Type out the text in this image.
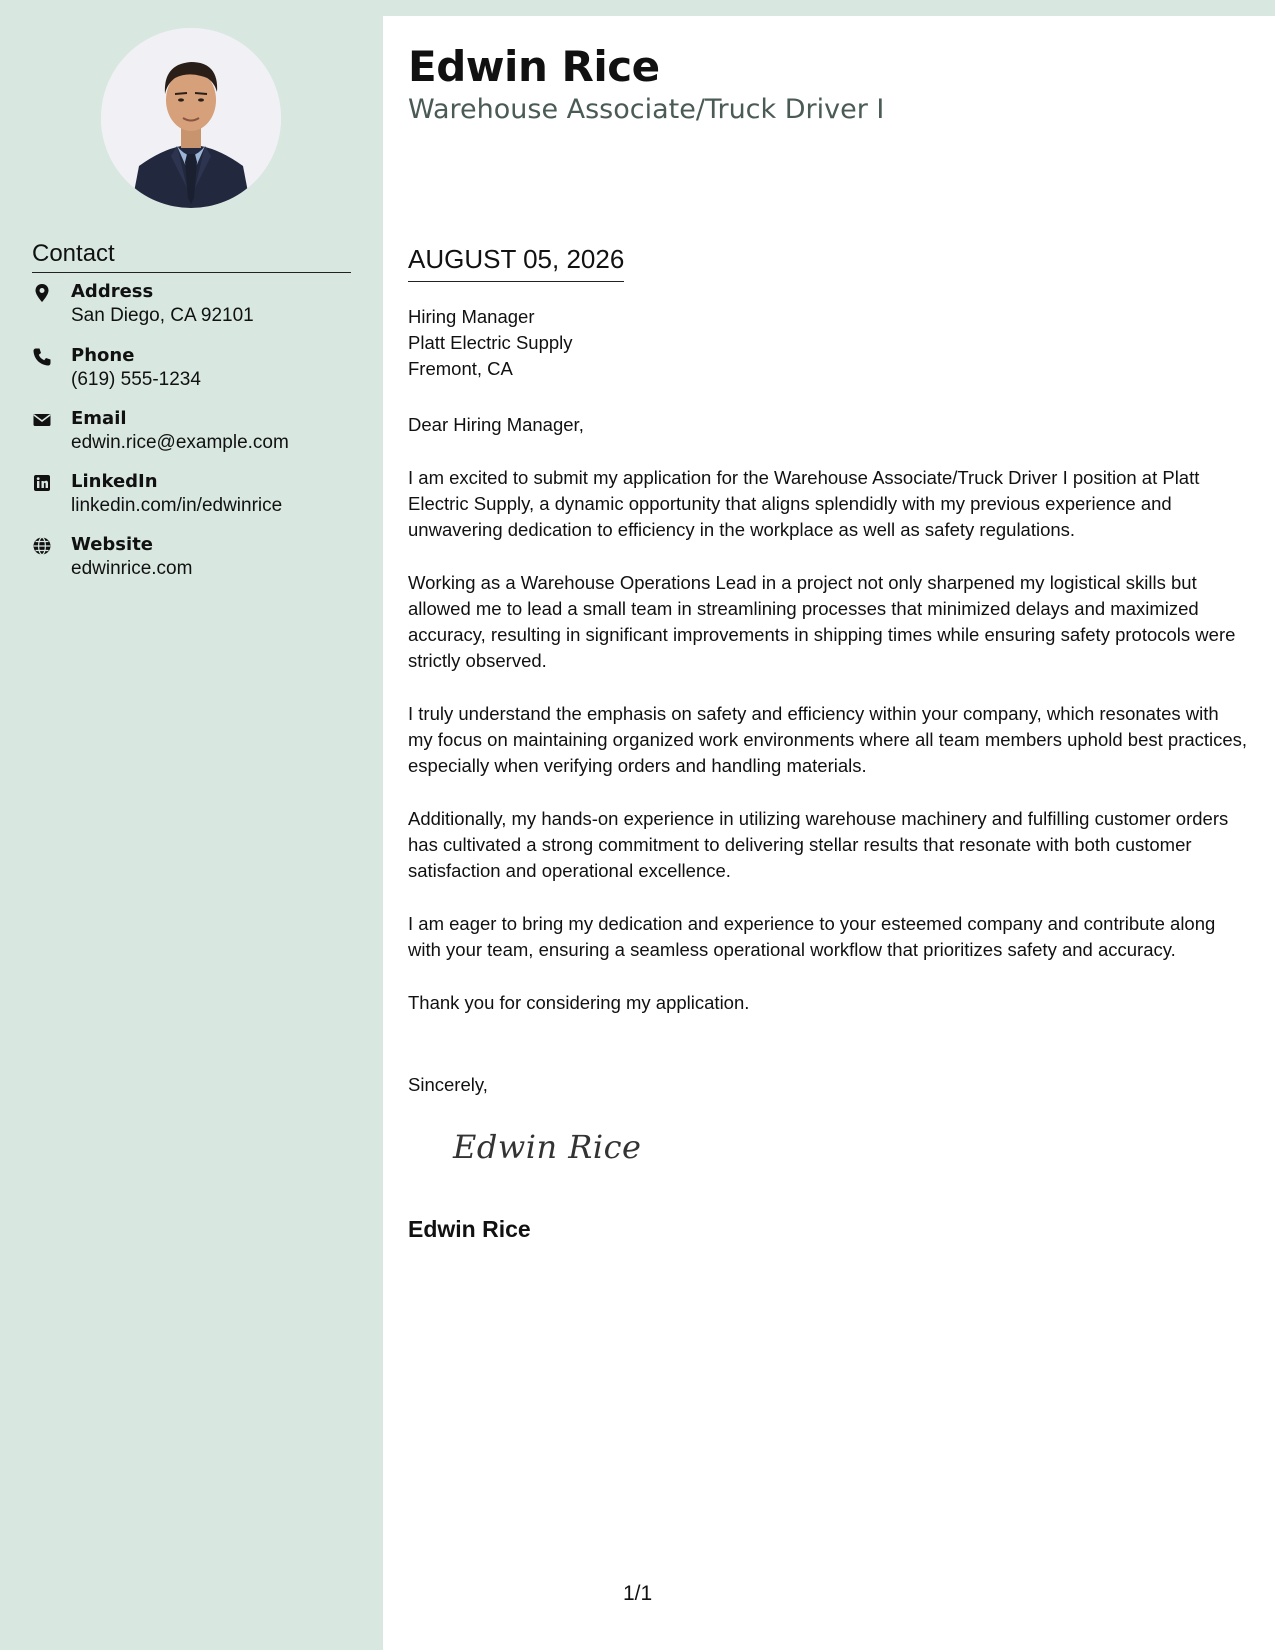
Contact
Address
San Diego, CA 92101
Phone
(619) 555-1234
Email
edwin.rice@example.com
LinkedIn
linkedin.com/in/edwinrice
Website
edwinrice.com
Edwin Rice
Warehouse Associate/Truck Driver I
AUGUST 05, 2026
Hiring Manager
Platt Electric Supply
Fremont, CA

Dear Hiring Manager,

I am excited to submit my application for the Warehouse Associate/Truck Driver I position at Platt Electric Supply, a dynamic opportunity that aligns splendidly with my previous experience and unwavering dedication to efficiency in the workplace as well as safety regulations.

Working as a Warehouse Operations Lead in a project not only sharpened my logistical skills but allowed me to lead a small team in streamlining processes that minimized delays and maximized accuracy, resulting in significant improvements in shipping times while ensuring safety protocols were strictly observed.

I truly understand the emphasis on safety and efficiency within your company, which resonates with my focus on maintaining organized work environments where all team members uphold best practices, especially when verifying orders and handling materials.

Additionally, my hands-on experience in utilizing warehouse machinery and fulfilling customer orders has cultivated a strong commitment to delivering stellar results that resonate with both customer satisfaction and operational excellence.

I am eager to bring my dedication and experience to your esteemed company and contribute along with your team, ensuring a seamless operational workflow that prioritizes safety and accuracy.

Thank you for considering my application.

Sincerely,
Edwin Rice
Edwin Rice
1/1
